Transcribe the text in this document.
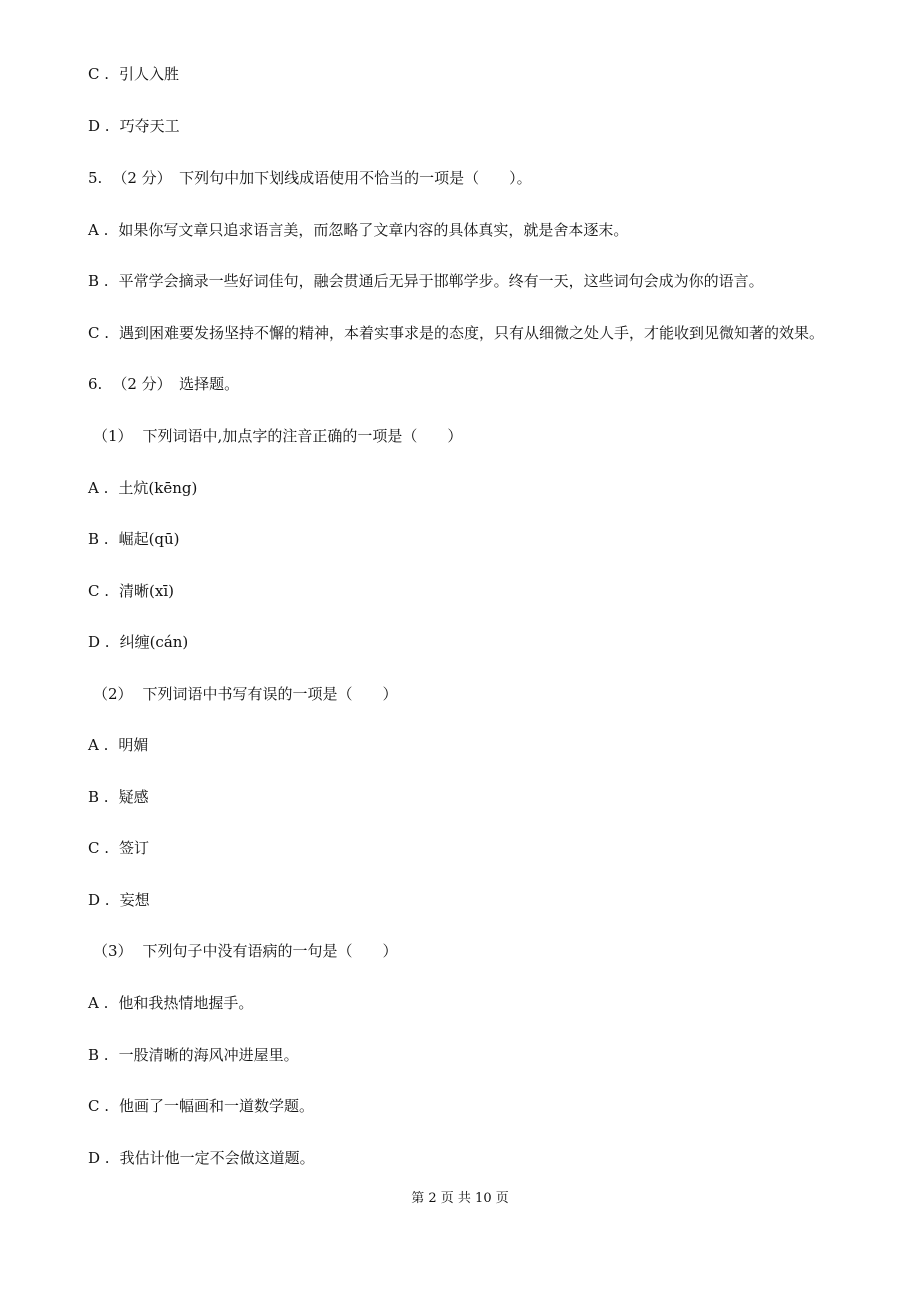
C . 引人入胜
D . 巧夺天工
5. （2 分）　下列句中加下划线成语使用不恰当的一项是（　　）。
A . 如果你写文章只追求语言美，而忽略了文章内容的具体真实，就是舍本逐末。
B . 平常学会摘录一些好词佳句，融会贯通后无异于邯郸学步。终有一天，这些词句会成为你的语言。
C . 遇到困难要发扬坚持不懈的精神，本着实事求是的态度，只有从细微之处人手，才能收到见微知著的效果。
6. （2 分）　选择题。
（1） 下列词语中,加点字的注音正确的一项是（　　）
A . 土炕(kēng)
B . 崛起(qū)
C . 清晰(xī)
D . 纠缠(cán)
（2） 下列词语中书写有误的一项是（　　）
A . 明媚
B . 疑感
C . 签订
D . 妄想
（3） 下列句子中没有语病的一句是（　　）
A . 他和我热情地握手。
B . 一股清晰的海风冲进屋里。
C . 他画了一幅画和一道数学题。
D . 我估计他一定不会做这道题。
第 2 页 共 10 页
